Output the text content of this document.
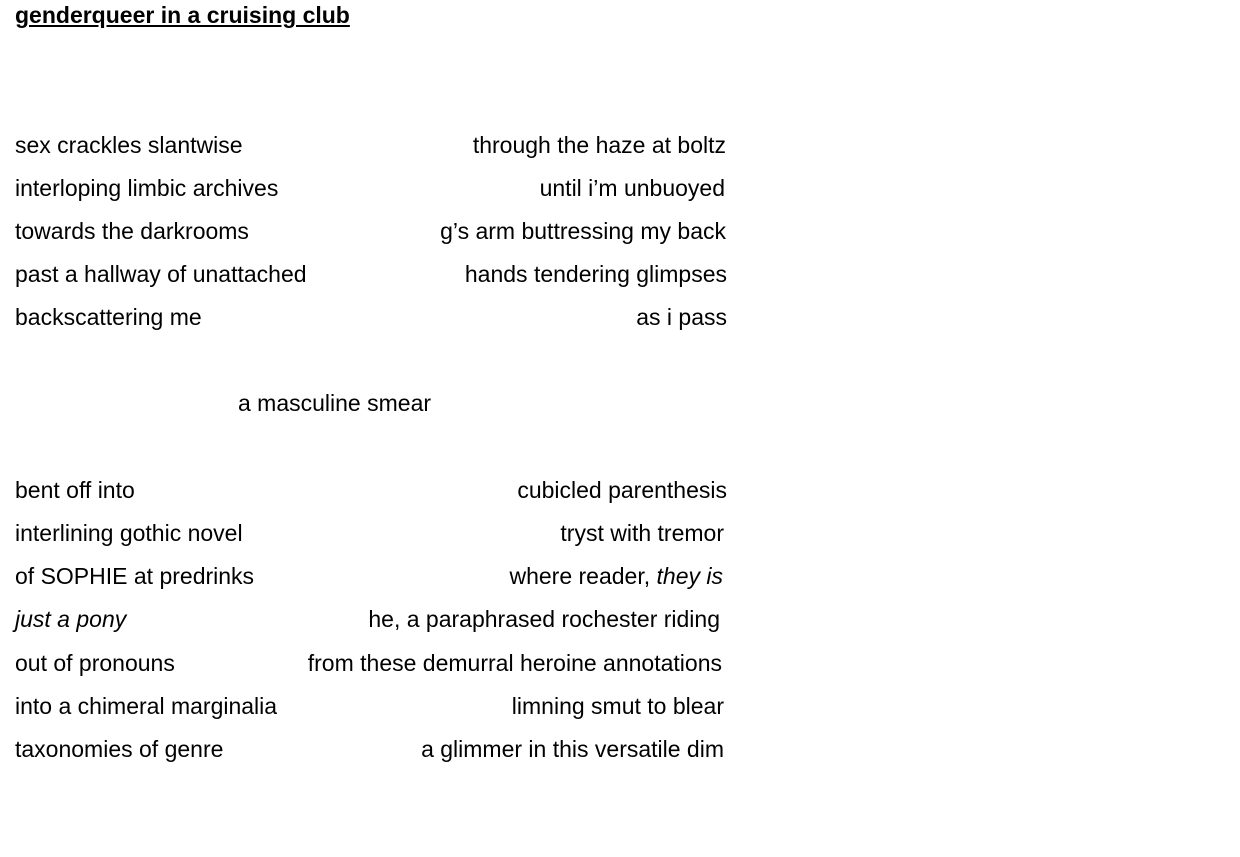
genderqueer in a cruising club
sex crackles slantwise	through the haze at boltz
interloping limbic archives	until i’m unbuoyed
towards the darkrooms	g’s arm buttressing my back
past a hallway of unattached	hands tendering glimpses
backscattering me	as i pass
a masculine smear
bent off into	cubicled parenthesis
interlining gothic novel	tryst with tremor
of SOPHIE at predrinks	where reader, they is
just a pony	he, a paraphrased rochester riding
out of pronouns	from these demurral heroine annotations
into a chimeral marginalia	limning smut to blear
taxonomies of genre	a glimmer in this versatile dim
